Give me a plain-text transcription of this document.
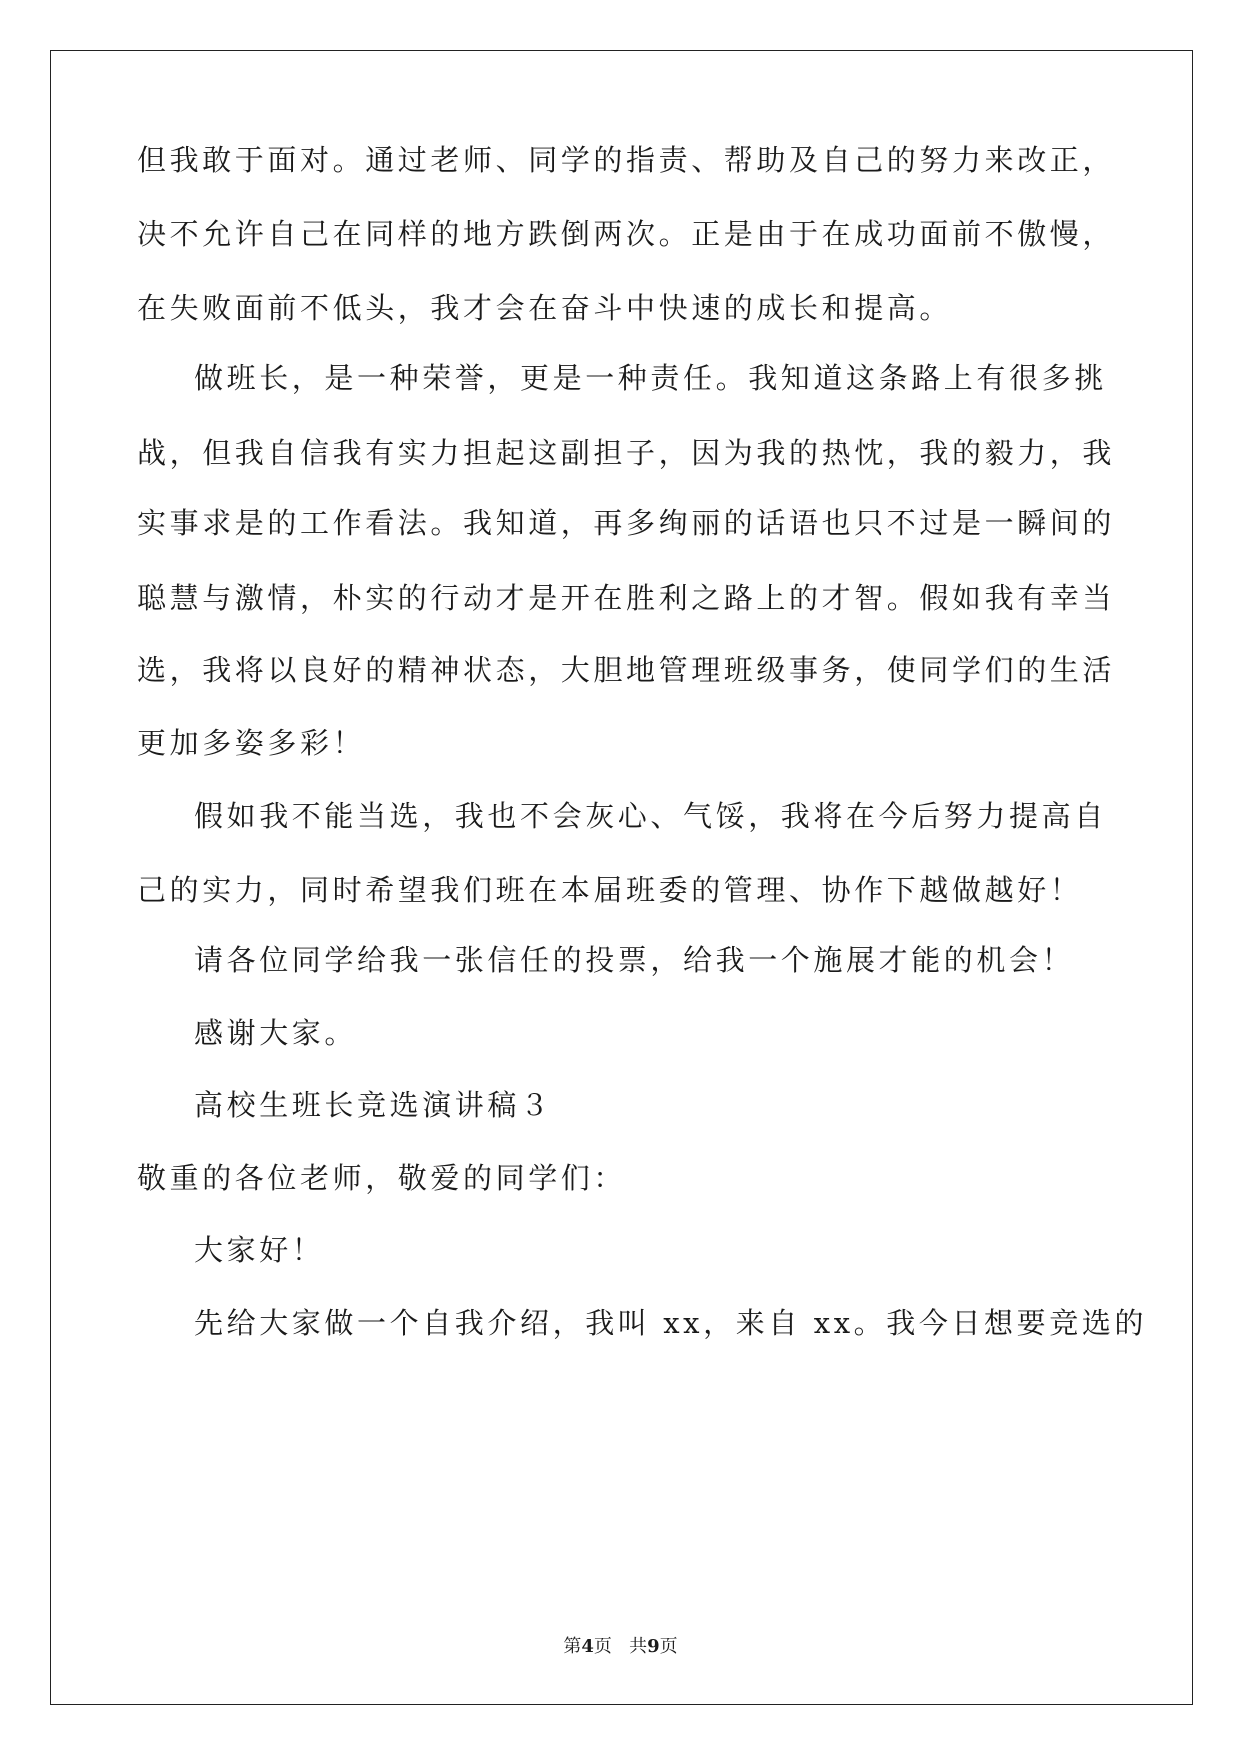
但我敢于面对。通过老师、同学的指责、帮助及自己的努力来改正，
决不允许自己在同样的地方跌倒两次。正是由于在成功面前不傲慢，
在失败面前不低头，我才会在奋斗中快速的成长和提高。
做班长，是一种荣誉，更是一种责任。我知道这条路上有很多挑
战，但我自信我有实力担起这副担子，因为我的热忱，我的毅力，我
实事求是的工作看法。我知道，再多绚丽的话语也只不过是一瞬间的
聪慧与激情，朴实的行动才是开在胜利之路上的才智。假如我有幸当
选，我将以良好的精神状态，大胆地管理班级事务，使同学们的生活
更加多姿多彩！
假如我不能当选，我也不会灰心、气馁，我将在今后努力提高自
己的实力，同时希望我们班在本届班委的管理、协作下越做越好！
请各位同学给我一张信任的投票，给我一个施展才能的机会！
感谢大家。
高校生班长竞选演讲稿３
敬重的各位老师，敬爱的同学们：
大家好！
先给大家做一个自我介绍，我叫 xx，来自 xx。我今日想要竞选的
第4页   共9页
